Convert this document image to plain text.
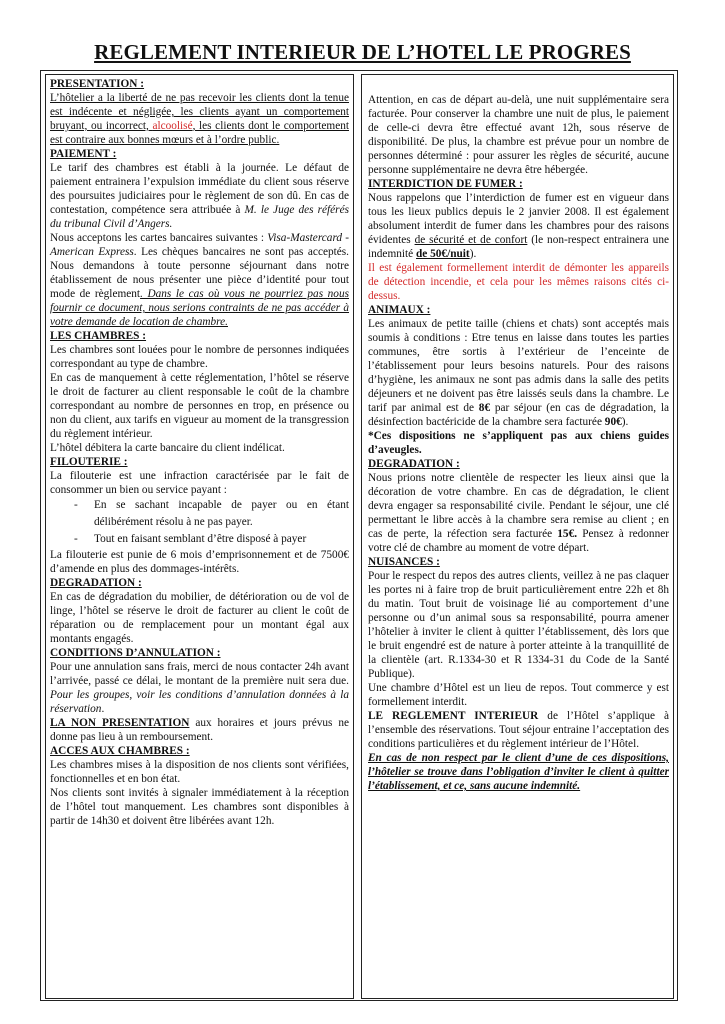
REGLEMENT INTERIEUR DE L’HOTEL LE PROGRES

PRESENTATION :
L’hôtelier a la liberté de ne pas recevoir les clients dont la tenue est indécente et négligée, les clients ayant un comportement bruyant, ou incorrect, alcoolisé, les clients dont le comportement est contraire aux bonnes mœurs et à l’ordre public.

PAIEMENT :
Le tarif des chambres est établi à la journée. Le défaut de paiement entrainera l’expulsion immédiate du client sous réserve des poursuites judiciaires pour le règlement de son dû. En cas de contestation, compétence sera attribuée à M. le Juge des référés du tribunal Civil d’Angers.

Nous acceptons les cartes bancaires suivantes : Visa-Mastercard - American Express. Les chèques bancaires ne sont pas acceptés. Nous demandons à toute personne séjournant dans notre établissement de nous présenter une pièce d’identité pour tout mode de règlement. Dans le cas où vous ne pourriez pas nous fournir ce document, nous serions contraints de ne pas accéder à votre demande de location de chambre.

LES CHAMBRES :
Les chambres sont louées pour le nombre de personnes indiquées correspondant au type de chambre.

En cas de manquement à cette réglementation, l’hôtel se réserve le droit de facturer au client responsable le coût de la chambre correspondant au nombre de personnes en trop, en présence ou non du client, aux tarifs en vigueur au moment de la transgression du règlement intérieur.

L’hôtel débitera la carte bancaire du client indélicat.

FILOUTERIE :
La filouterie est une infraction caractérisée par le fait de consommer un bien ou service payant :

- En se sachant incapable de payer ou en étant délibérément résolu à ne pas payer.
- Tout en faisant semblant d’être disposé à payer

La filouterie est punie de 6 mois d’emprisonnement et de 7500€ d’amende en plus des dommages-intérêts.

DEGRADATION :
En cas de dégradation du mobilier, de détérioration ou de vol de linge, l’hôtel se réserve le droit de facturer au client le coût de réparation ou de remplacement pour un montant égal aux montants engagés.

CONDITIONS D’ANNULATION :
Pour une annulation sans frais, merci de nous contacter 24h avant l’arrivée, passé ce délai, le montant de la première nuit sera due. Pour les groupes, voir les conditions d’annulation données à la réservation.

LA NON PRESENTATION aux horaires et jours prévus ne donne pas lieu à un remboursement.

ACCES AUX CHAMBRES :
Les chambres mises à la disposition de nos clients sont vérifiées, fonctionnelles et en bon état.

Nos clients sont invités à signaler immédiatement à la réception de l’hôtel tout manquement. Les chambres sont disponibles à partir de 14h30 et doivent être libérées avant 12h.

Attention, en cas de départ au-delà, une nuit supplémentaire sera facturée. Pour conserver la chambre une nuit de plus, le paiement de celle-ci devra être effectué avant 12h, sous réserve de disponibilité. De plus, la chambre est prévue pour un nombre de personnes déterminé : pour assurer les règles de sécurité, aucune personne supplémentaire ne devra être hébergée.

INTERDICTION DE FUMER :
Nous rappelons que l’interdiction de fumer est en vigueur dans tous les lieux publics depuis le 2 janvier 2008. Il est également absolument interdit de fumer dans les chambres pour des raisons évidentes de sécurité et de confort (le non-respect entrainera une indemnité de 50€/nuit).

Il est également formellement interdit de démonter les appareils de détection incendie, et cela pour les mêmes raisons cités ci-dessus.

ANIMAUX :
Les animaux de petite taille (chiens et chats) sont acceptés mais soumis à conditions : Etre tenus en laisse dans toutes les parties communes, être sortis à l’extérieur de l’enceinte de l’établissement pour leurs besoins naturels. Pour des raisons d’hygiène, les animaux ne sont pas admis dans la salle des petits déjeuners et ne doivent pas être laissés seuls dans la chambre. Le tarif par animal est de 8€ par séjour (en cas de dégradation, la désinfection bactéricide de la chambre sera facturée 90€).

*Ces dispositions ne s’appliquent pas aux chiens guides d’aveugles.

DEGRADATION :
Nous prions notre clientèle de respecter les lieux ainsi que la décoration de votre chambre. En cas de dégradation, le client devra engager sa responsabilité civile. Pendant le séjour, une clé permettant le libre accès à la chambre sera remise au client ; en cas de perte, la réfection sera facturée 15€. Pensez à redonner votre clé de chambre au moment de votre départ.

NUISANCES :
Pour le respect du repos des autres clients, veillez à ne pas claquer les portes ni à faire trop de bruit particulièrement entre 22h et 8h du matin. Tout bruit de voisinage lié au comportement d’une personne ou d’un animal sous sa responsabilité, pourra amener l’hôtelier à inviter le client à quitter l’établissement, dès lors que le bruit engendré est de nature à porter atteinte à la tranquillité de la clientèle (art. R.1334-30 et R 1334-31 du Code de la Santé Publique).

Une chambre d’Hôtel est un lieu de repos. Tout commerce y est formellement interdit.

LE REGLEMENT INTERIEUR de l’Hôtel s’applique à l’ensemble des réservations. Tout séjour entraine l’acceptation des conditions particulières et du règlement intérieur de l’Hôtel.

En cas de non respect par le client d’une de ces dispositions, l’hôtelier se trouve dans l’obligation d’inviter le client à quitter l’établissement, et ce, sans aucune indemnité.
